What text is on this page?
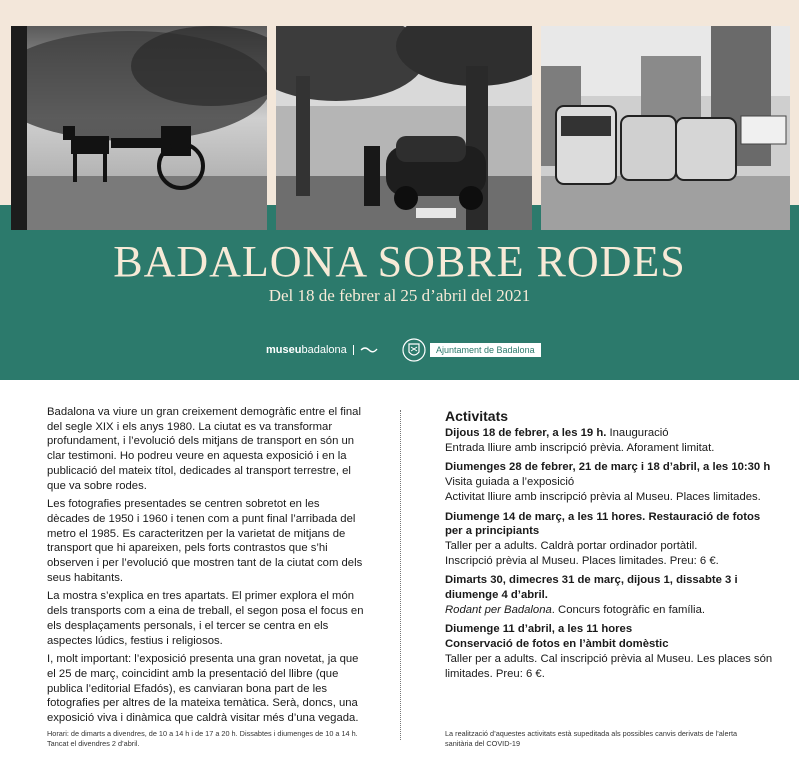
BADALONA SOBRE RODES
Del 18 de febrer al 25 d’abril del 2021
museubadalona	Ajuntament de Badalona

Badalona va viure un gran creixement demogràfic entre el final del segle XIX i els anys 1980. La ciutat es va transformar profundament, i l’evolució dels mitjans de transport en són un clar testimoni. Ho podreu veure en aquesta exposició i en la publicació del mateix títol, dedicades al transport terrestre, el que va sobre rodes.

Les fotografies presentades se centren sobretot en les dècades de 1950 i 1960 i tenen com a punt final l’arribada del metro el 1985. Es caracteritzen per la varietat de mitjans de transport que hi apareixen, pels forts contrastos que s’hi observen i per l’evolució que mostren tant de la ciutat com dels seus habitants.

La mostra s’explica en tres apartats. El primer explora el món dels transports com a eina de treball, el segon posa el focus en els desplaçaments personals, i el tercer se centra en els aspectes lúdics, festius i religiosos.

I, molt important: l’exposició presenta una gran novetat, ja que el 25 de març, coincidint amb la presentació del llibre (que publica l’editorial Efadós), es canviaran bona part de les fotografies per altres de la mateixa temàtica. Serà, doncs, una exposició viva i dinàmica que caldrà visitar més d’una vegada.

Activitats
Dijous 18 de febrer, a les 19 h. Inauguració
Entrada lliure amb inscripció prèvia. Aforament limitat.
Diumenges 28 de febrer, 21 de març i 18 d’abril, a les 10:30 h
Visita guiada a l’exposició
Activitat lliure amb inscripció prèvia al Museu. Places limitades.
Diumenge 14 de març, a les 11 hores. Restauració de fotos per a principiants
Taller per a adults. Caldrà portar ordinador portàtil.
Inscripció prèvia al Museu. Places limitades. Preu: 6 €.
Dimarts 30, dimecres 31 de març, dijous 1, dissabte 3 i diumenge 4 d’abril.
Rodant per Badalona. Concurs fotogràfic en família.
Diumenge 11 d’abril, a les 11 hores
Conservació de fotos en l’àmbit domèstic
Taller per a adults. Cal inscripció prèvia al Museu. Les places són limitades. Preu: 6 €.
Horari: de dimarts a divendres, de 10 a 14 h i de 17 a 20 h. Dissabtes i diumenges de 10 a 14 h. Tancat el divendres 2 d’abril.
La realització d’aquestes activitats està supeditada als possibles canvis derivats de l’alerta sanitària del COVID-19
